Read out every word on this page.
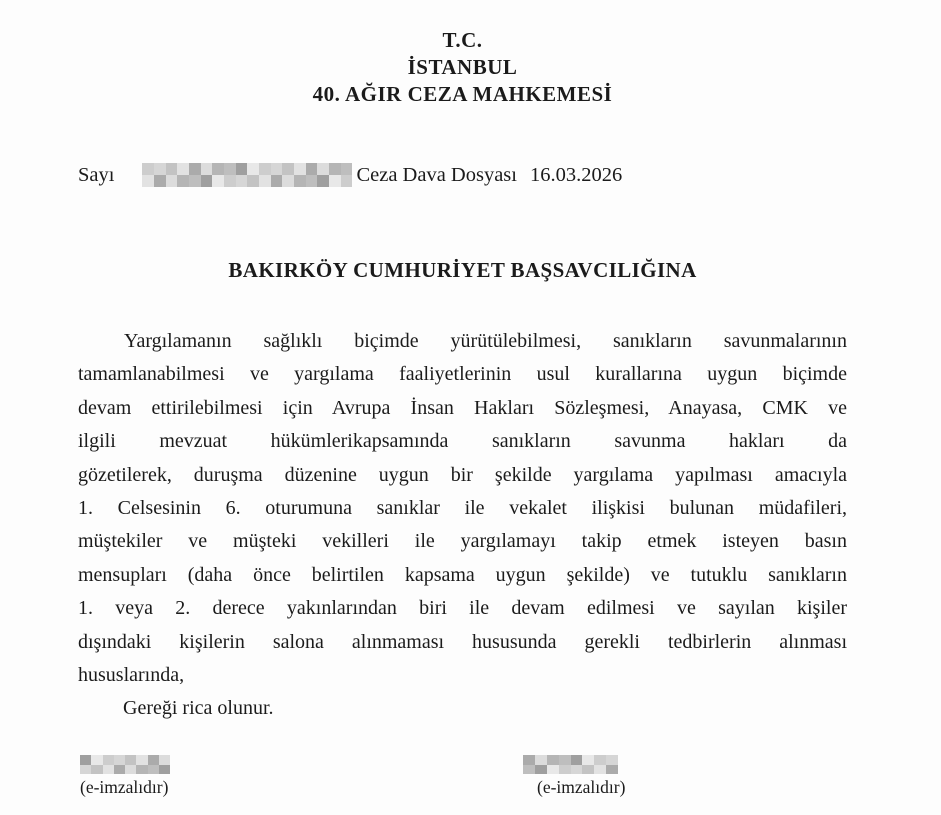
T.C.
İSTANBUL
40. AĞIR CEZA MAHKEMESİ
Sayı	Ceza Dava Dosyası 16.03.2026
BAKIRKÖY CUMHURİYET BAŞSAVCILIĞINA
Yargılamanın sağlıklı biçimde yürütülebilmesi, sanıkların savunmalarının
tamamlanabilmesi ve yargılama faaliyetlerinin usul kurallarına uygun biçimde
devam ettirilebilmesi için Avrupa İnsan Hakları Sözleşmesi, Anayasa, CMK ve
ilgili mevzuat hükümlerikapsamında sanıkların savunma hakları da
gözetilerek, duruşma düzenine uygun bir şekilde yargılama yapılması amacıyla
1. Celsesinin 6. oturumuna sanıklar ile vekalet ilişkisi bulunan müdafileri,
müştekiler ve müşteki vekilleri ile yargılamayı takip etmek isteyen basın
mensupları (daha önce belirtilen kapsama uygun şekilde) ve tutuklu sanıkların
1. veya 2. derece yakınlarından biri ile devam edilmesi ve sayılan kişiler
dışındaki kişilerin salona alınmaması hususunda gerekli tedbirlerin alınması
hususlarında,
Gereği rica olunur.
(e-imzalıdır)	(e-imzalıdır)
